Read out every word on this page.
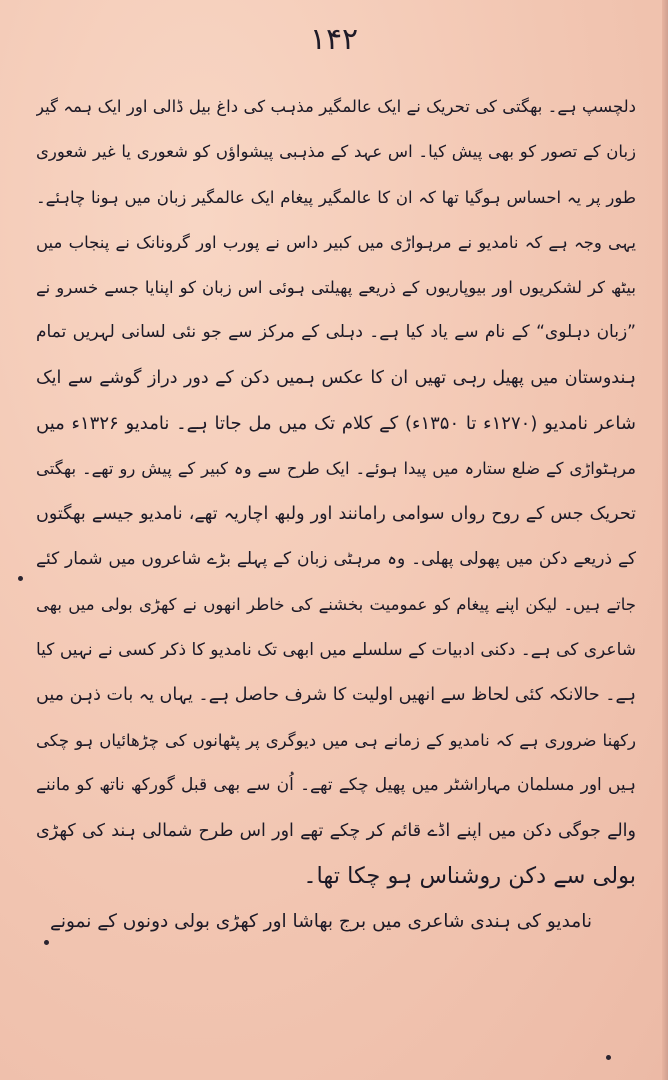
۱۴۲
دلچسپ ہے۔ بھگتی کی تحریک نے ایک عالمگیر مذہب کی داغ بیل ڈالی اور ایک ہمہ گیر
زبان کے تصور کو بھی پیش کیا۔ اس عہد کے مذہبی پیشواؤں کو شعوری یا غیر شعوری
طور پر یہ احساس ہوگیا تھا کہ ان کا عالمگیر پیغام ایک عالمگیر زبان میں ہونا چاہئے۔
یہی وجہ ہے کہ نامدیو نے مرہواڑی میں کبیر داس نے پورب اور گرونانک نے پنجاب میں
بیٹھ کر لشکریوں اور بیوپاریوں کے ذریعے پھیلتی ہوئی اس زبان کو اپنایا جسے خسرو نے
”زبان دہلوی“ کے نام سے یاد کیا ہے۔ دہلی کے مرکز سے جو نئی لسانی لہریں تمام
ہندوستان میں پھیل رہی تھیں ان کا عکس ہمیں دکن کے دور دراز گوشے سے ایک
شاعر نامدیو (۱۲۷۰ء تا ۱۳۵۰ء) کے کلام تک میں مل جاتا ہے۔ نامدیو ۱۳۲۶ء میں
مرہٹواڑی کے ضلع ستارہ میں پیدا ہوئے۔ ایک طرح سے وہ کبیر کے پیش رو تھے۔ بھگتی
تحریک جس کے روح رواں سوامی رامانند اور ولبھ اچاریہ تھے، نامدیو جیسے بھگتوں
کے ذریعے دکن میں پھولی پھلی۔ وہ مرہٹی زبان کے پہلے بڑے شاعروں میں شمار کئے
جاتے ہیں۔ لیکن اپنے پیغام کو عمومیت بخشنے کی خاطر انھوں نے کھڑی بولی میں بھی
شاعری کی ہے۔ دکنی ادبیات کے سلسلے میں ابھی تک نامدیو کا ذکر کسی نے نہیں کیا
ہے۔ حالانکہ کئی لحاظ سے انھیں اولیت کا شرف حاصل ہے۔ یہاں یہ بات ذہن میں
رکھنا ضروری ہے کہ نامدیو کے زمانے ہی میں دیوگری پر پٹھانوں کی چڑھائیاں ہو چکی
ہیں اور مسلمان مہاراشٹر میں پھیل چکے تھے۔ اُن سے بھی قبل گورکھ ناتھ کو ماننے
والے جوگی دکن میں اپنے اڈے قائم کر چکے تھے اور اس طرح شمالی ہند کی کھڑی
بولی سے دکن روشناس ہو چکا تھا۔
نامدیو کی ہندی شاعری میں برج بھاشا اور کھڑی بولی دونوں کے نمونے
